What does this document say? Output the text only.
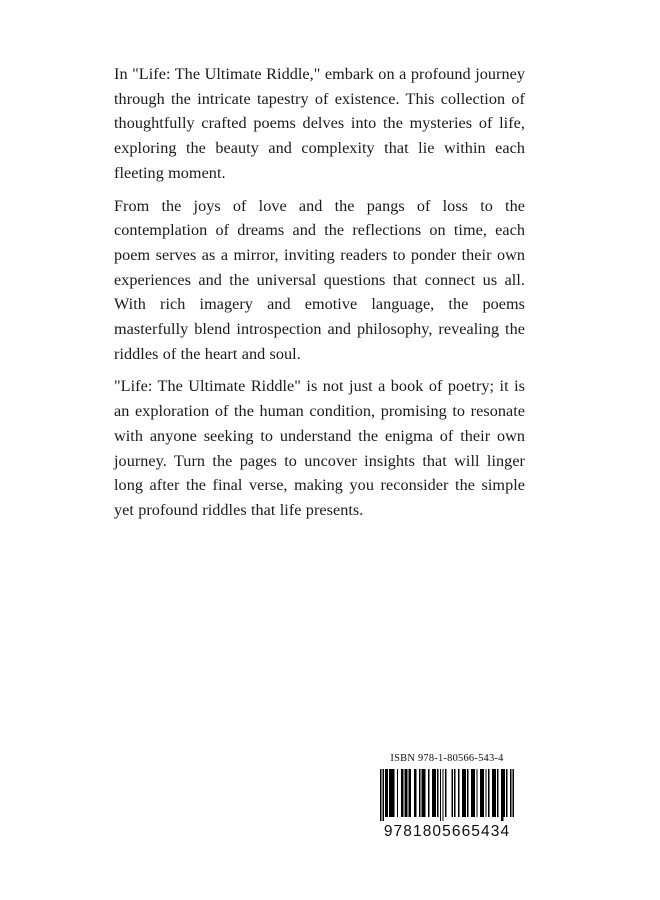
In "Life: The Ultimate Riddle," embark on a profound journey through the intricate tapestry of existence. This collection of thoughtfully crafted poems delves into the mysteries of life, exploring the beauty and complexity that lie within each fleeting moment.

From the joys of love and the pangs of loss to the contemplation of dreams and the reflections on time, each poem serves as a mirror, inviting readers to ponder their own experiences and the universal questions that connect us all. With rich imagery and emotive language, the poems masterfully blend introspection and philosophy, revealing the riddles of the heart and soul.

"Life: The Ultimate Riddle" is not just a book of poetry; it is an exploration of the human condition, promising to resonate with anyone seeking to understand the enigma of their own journey. Turn the pages to uncover insights that will linger long after the final verse, making you reconsider the simple yet profound riddles that life presents.

ISBN 978-1-80566-543-4
9781805665434
